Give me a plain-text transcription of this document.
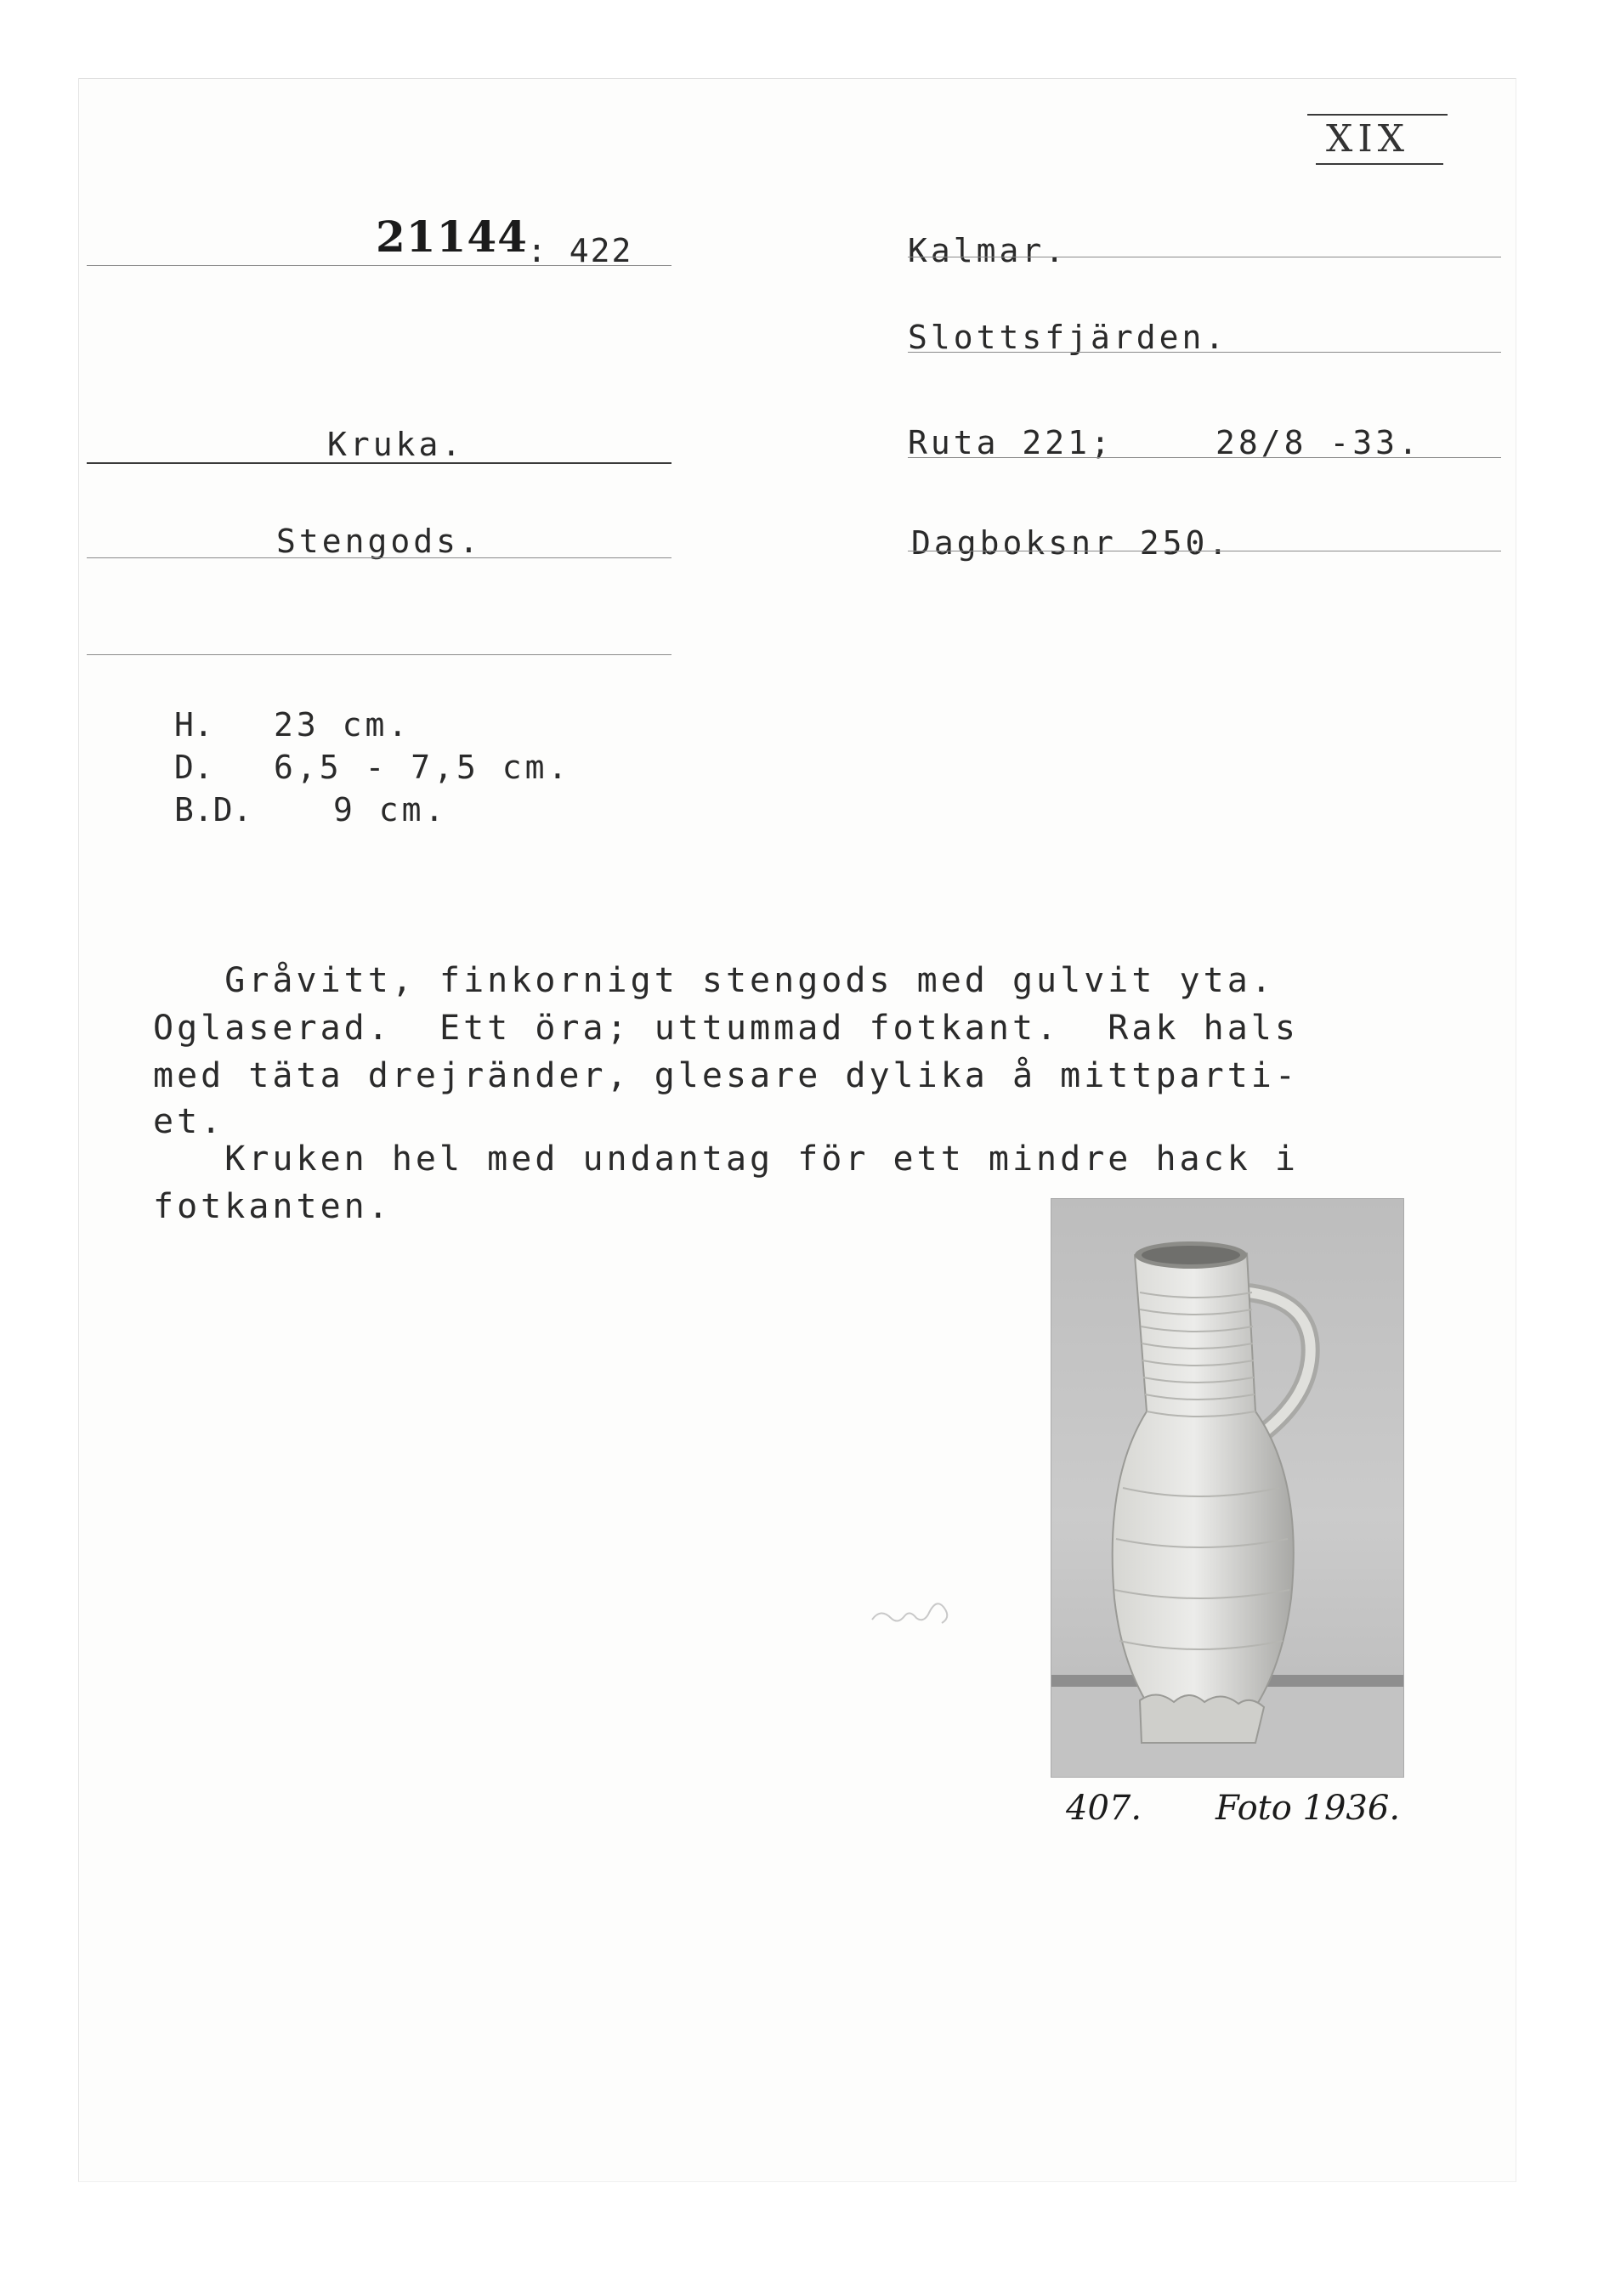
XIX
21144 : 422
Kruka.
Stengods.
Kalmar.
Slottsfjärden.
Ruta 221;	28/8 -33.
Dagboksnr 250.
H. 23 cm.
D. 6,5 - 7,5 cm.
B.D.	9 cm.
Gråvitt, finkornigt stengods med gulvit yta.
Oglaserad.  Ett öra; uttummad fotkant.  Rak hals
med täta drejränder, glesare dylika å mittparti-
et.
Kruken hel med undantag för ett mindre hack i
fotkanten.
407. Foto 1936.
